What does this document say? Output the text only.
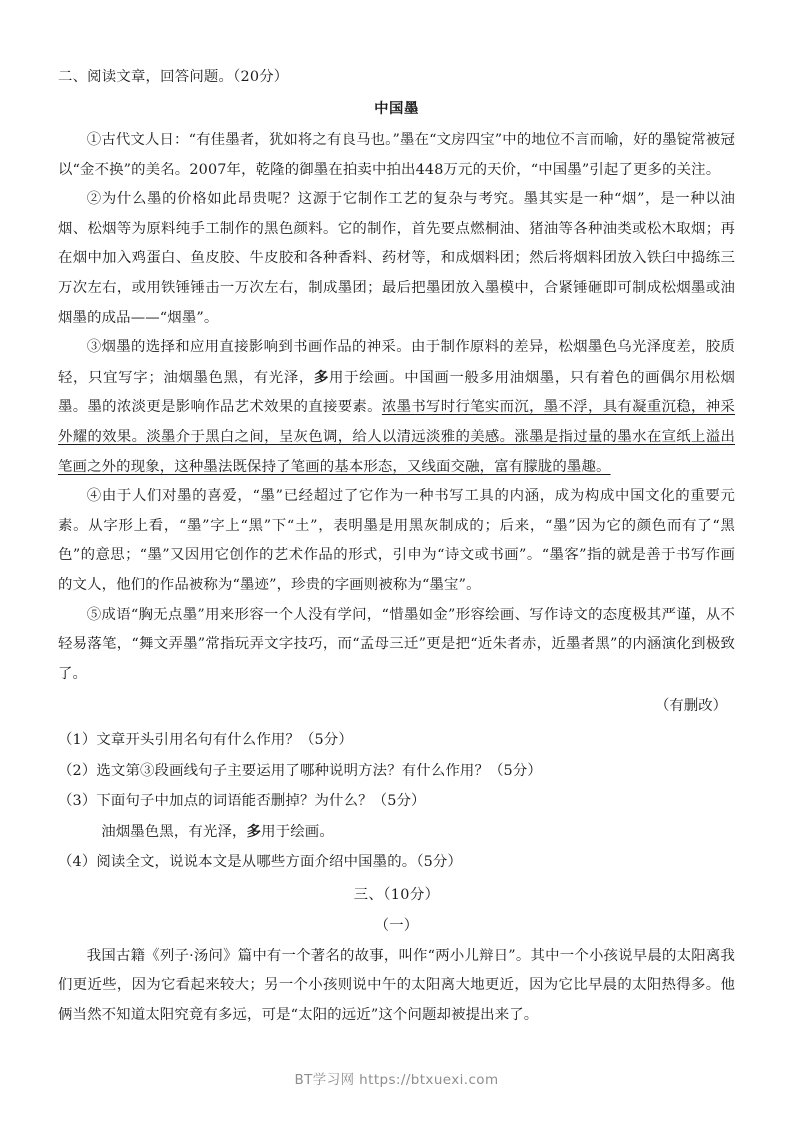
二、阅读文章，回答问题。（20分）
中国墨

①古代文人日：“有佳墨者，犹如将之有良马也。”墨在“文房四宝”中的地位不言而喻，好的墨锭常被冠以“金不换”的美名。2007年，乾隆的御墨在拍卖中拍出448万元的天价，“中国墨”引起了更多的关注。

②为什么墨的价格如此昂贵呢？这源于它制作工艺的复杂与考究。墨其实是一种“烟”，是一种以油烟、松烟等为原料纯手工制作的黑色颜料。它的制作，首先要点燃桐油、猪油等各种油类或松木取烟；再在烟中加入鸡蛋白、鱼皮胶、牛皮胶和各种香料、药材等，和成烟料团；然后将烟料团放入铁臼中捣练三万次左右，或用铁锤锤击一万次左右，制成墨团；最后把墨团放入墨模中，合紧锤砸即可制成松烟墨或油烟墨的成品——“烟墨”。

③烟墨的选择和应用直接影响到书画作品的神采。由于制作原料的差异，松烟墨色乌光泽度差，胶质轻，只宜写字；油烟墨色黑，有光泽，多用于绘画。中国画一般多用油烟墨，只有着色的画偶尔用松烟墨。墨的浓淡更是影响作品艺术效果的直接要素。浓墨书写时行笔实而沉，墨不浮，具有凝重沉稳，神采外耀的效果。淡墨介于黑白之间，呈灰色调，给人以清远淡雅的美感。涨墨是指过量的墨水在宣纸上溢出笔画之外的现象，这种墨法既保持了笔画的基本形态，又线面交融，富有朦胧的墨趣。

④由于人们对墨的喜爱，“墨”已经超过了它作为一种书写工具的内涵，成为构成中国文化的重要元素。从字形上看，“墨”字上“黑”下“土”，表明墨是用黑灰制成的；后来，“墨”因为它的颜色而有了“黑色”的意思；“墨”又因用它创作的艺术作品的形式，引申为“诗文或书画”。“墨客”指的就是善于书写作画的文人，他们的作品被称为“墨迹”，珍贵的字画则被称为“墨宝”。

⑤成语“胸无点墨”用来形容一个人没有学问，“惜墨如金”形容绘画、写作诗文的态度极其严谨，从不轻易落笔，“舞文弄墨”常指玩弄文字技巧，而“孟母三迁”更是把“近朱者赤，近墨者黑”的内涵演化到极致了。

（有删改）
（1）文章开头引用名句有什么作用？（5分）
（2）选文第③段画线句子主要运用了哪种说明方法？有什么作用？（5分）
（3）下面句子中加点的词语能否删掉？为什么？（5分）

油烟墨色黑，有光泽，多用于绘画。

（4）阅读全文，说说本文是从哪些方面介绍中国墨的。（5分）
三、（10分）
（一）

我国古籍《列子·汤问》篇中有一个著名的故事，叫作“两小儿辩日”。其中一个小孩说早晨的太阳离我们更近些，因为它看起来较大；另一个小孩则说中午的太阳离大地更近，因为它比早晨的太阳热得多。他俩当然不知道太阳究竟有多远，可是“太阳的远近”这个问题却被提出来了。

BT学习网 https://btxuexi.com
